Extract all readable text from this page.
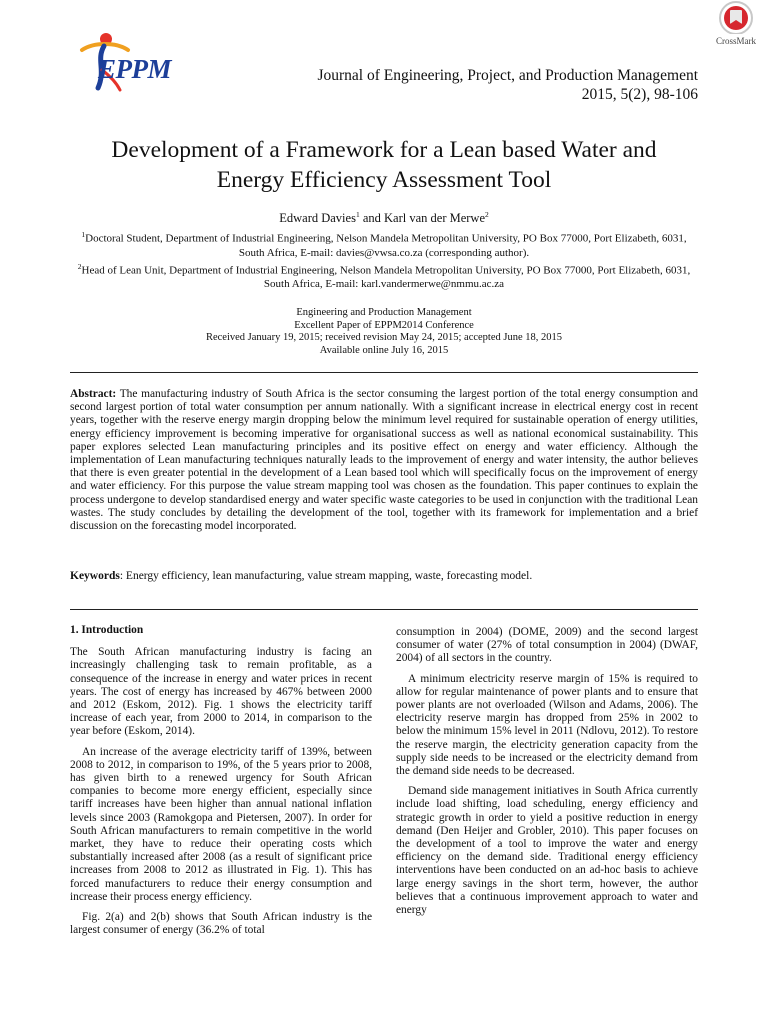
EPPM
CrossMark
Journal of Engineering, Project, and Production Management
2015, 5(2), 98-106
Development of a Framework for a Lean based Water and
Energy Efficiency Assessment Tool
Edward Davies$^1$ and Karl van der Merwe$^2$
$^1$Doctoral Student, Department of Industrial Engineering, Nelson Mandela Metropolitan University, PO Box 77000, Port Elizabeth, 6031, South Africa, E-mail: davies@vwsa.co.za (corresponding author).
$^2$Head of Lean Unit, Department of Industrial Engineering, Nelson Mandela Metropolitan University, PO Box 77000, Port Elizabeth, 6031, South Africa, E-mail: karl.vandermerwe@nmmu.ac.za
Engineering and Production Management
Excellent Paper of EPPM2014 Conference
Received January 19, 2015; received revision May 24, 2015; accepted June 18, 2015
Available online July 16, 2015
Abstract: The manufacturing industry of South Africa is the sector consuming the largest portion of the total energy consumption and second largest portion of total water consumption per annum nationally. With a significant increase in electrical energy cost in recent years, together with the reserve energy margin dropping below the minimum level required for sustainable operation of energy utilities, energy efficiency improvement is becoming imperative for organisational success as well as national economical sustainability. This paper explores selected Lean manufacturing principles and its positive effect on energy and water efficiency. Although the implementation of Lean manufacturing techniques naturally leads to the improvement of energy and water intensity, the author believes that there is even greater potential in the development of a Lean based tool which will specifically focus on the improvement of energy and water efficiency. For this purpose the value stream mapping tool was chosen as the foundation. This paper continues to explain the process undergone to develop standardised energy and water specific waste categories to be used in conjunction with the traditional Lean wastes. The study concludes by detailing the development of the tool, together with its framework for implementation and a brief discussion on the forecasting model incorporated.
Keywords: Energy efficiency, lean manufacturing, value stream mapping, waste, forecasting model.
1. Introduction

The South African manufacturing industry is facing an increasingly challenging task to remain profitable, as a consequence of the increase in energy and water prices in recent years. The cost of energy has increased by 467% between 2000 and 2012 (Eskom, 2012). Fig. 1 shows the electricity tariff increase of each year, from 2000 to 2014, in comparison to the year before (Eskom, 2014).

An increase of the average electricity tariff of 139%, between 2008 to 2012, in comparison to 19%, of the 5 years prior to 2008, has given birth to a renewed urgency for South African companies to become more energy efficient, especially since tariff increases have been higher than annual national inflation levels since 2003 (Ramokgopa and Pietersen, 2007). In order for South African manufacturers to remain competitive in the world market, they have to reduce their operating costs which substantially increased after 2008 (as a result of significant price increases from 2008 to 2012 as illustrated in Fig. 1). This has forced manufacturers to reduce their energy consumption and increase their process energy efficiency.

Fig. 2(a) and 2(b) shows that South African industry is the largest consumer of energy (36.2% of total

consumption in 2004) (DOME, 2009) and the second largest consumer of water (27% of total consumption in 2004) (DWAF, 2004) of all sectors in the country.

A minimum electricity reserve margin of 15% is required to allow for regular maintenance of power plants and to ensure that power plants are not overloaded (Wilson and Adams, 2006). The electricity reserve margin has dropped from 25% in 2002 to below the minimum 15% level in 2011 (Ndlovu, 2012). To restore the reserve margin, the electricity generation capacity from the supply side needs to be increased or the electricity demand from the demand side needs to be decreased.

Demand side management initiatives in South Africa currently include load shifting, load scheduling, energy efficiency and strategic growth in order to yield a positive reduction in energy demand (Den Heijer and Grobler, 2010). This paper focuses on the development of a tool to improve the water and energy efficiency on the demand side. Traditional energy efficiency interventions have been conducted on an ad-hoc basis to achieve large energy savings in the short term, however, the author believes that a continuous improvement approach to water and energy
